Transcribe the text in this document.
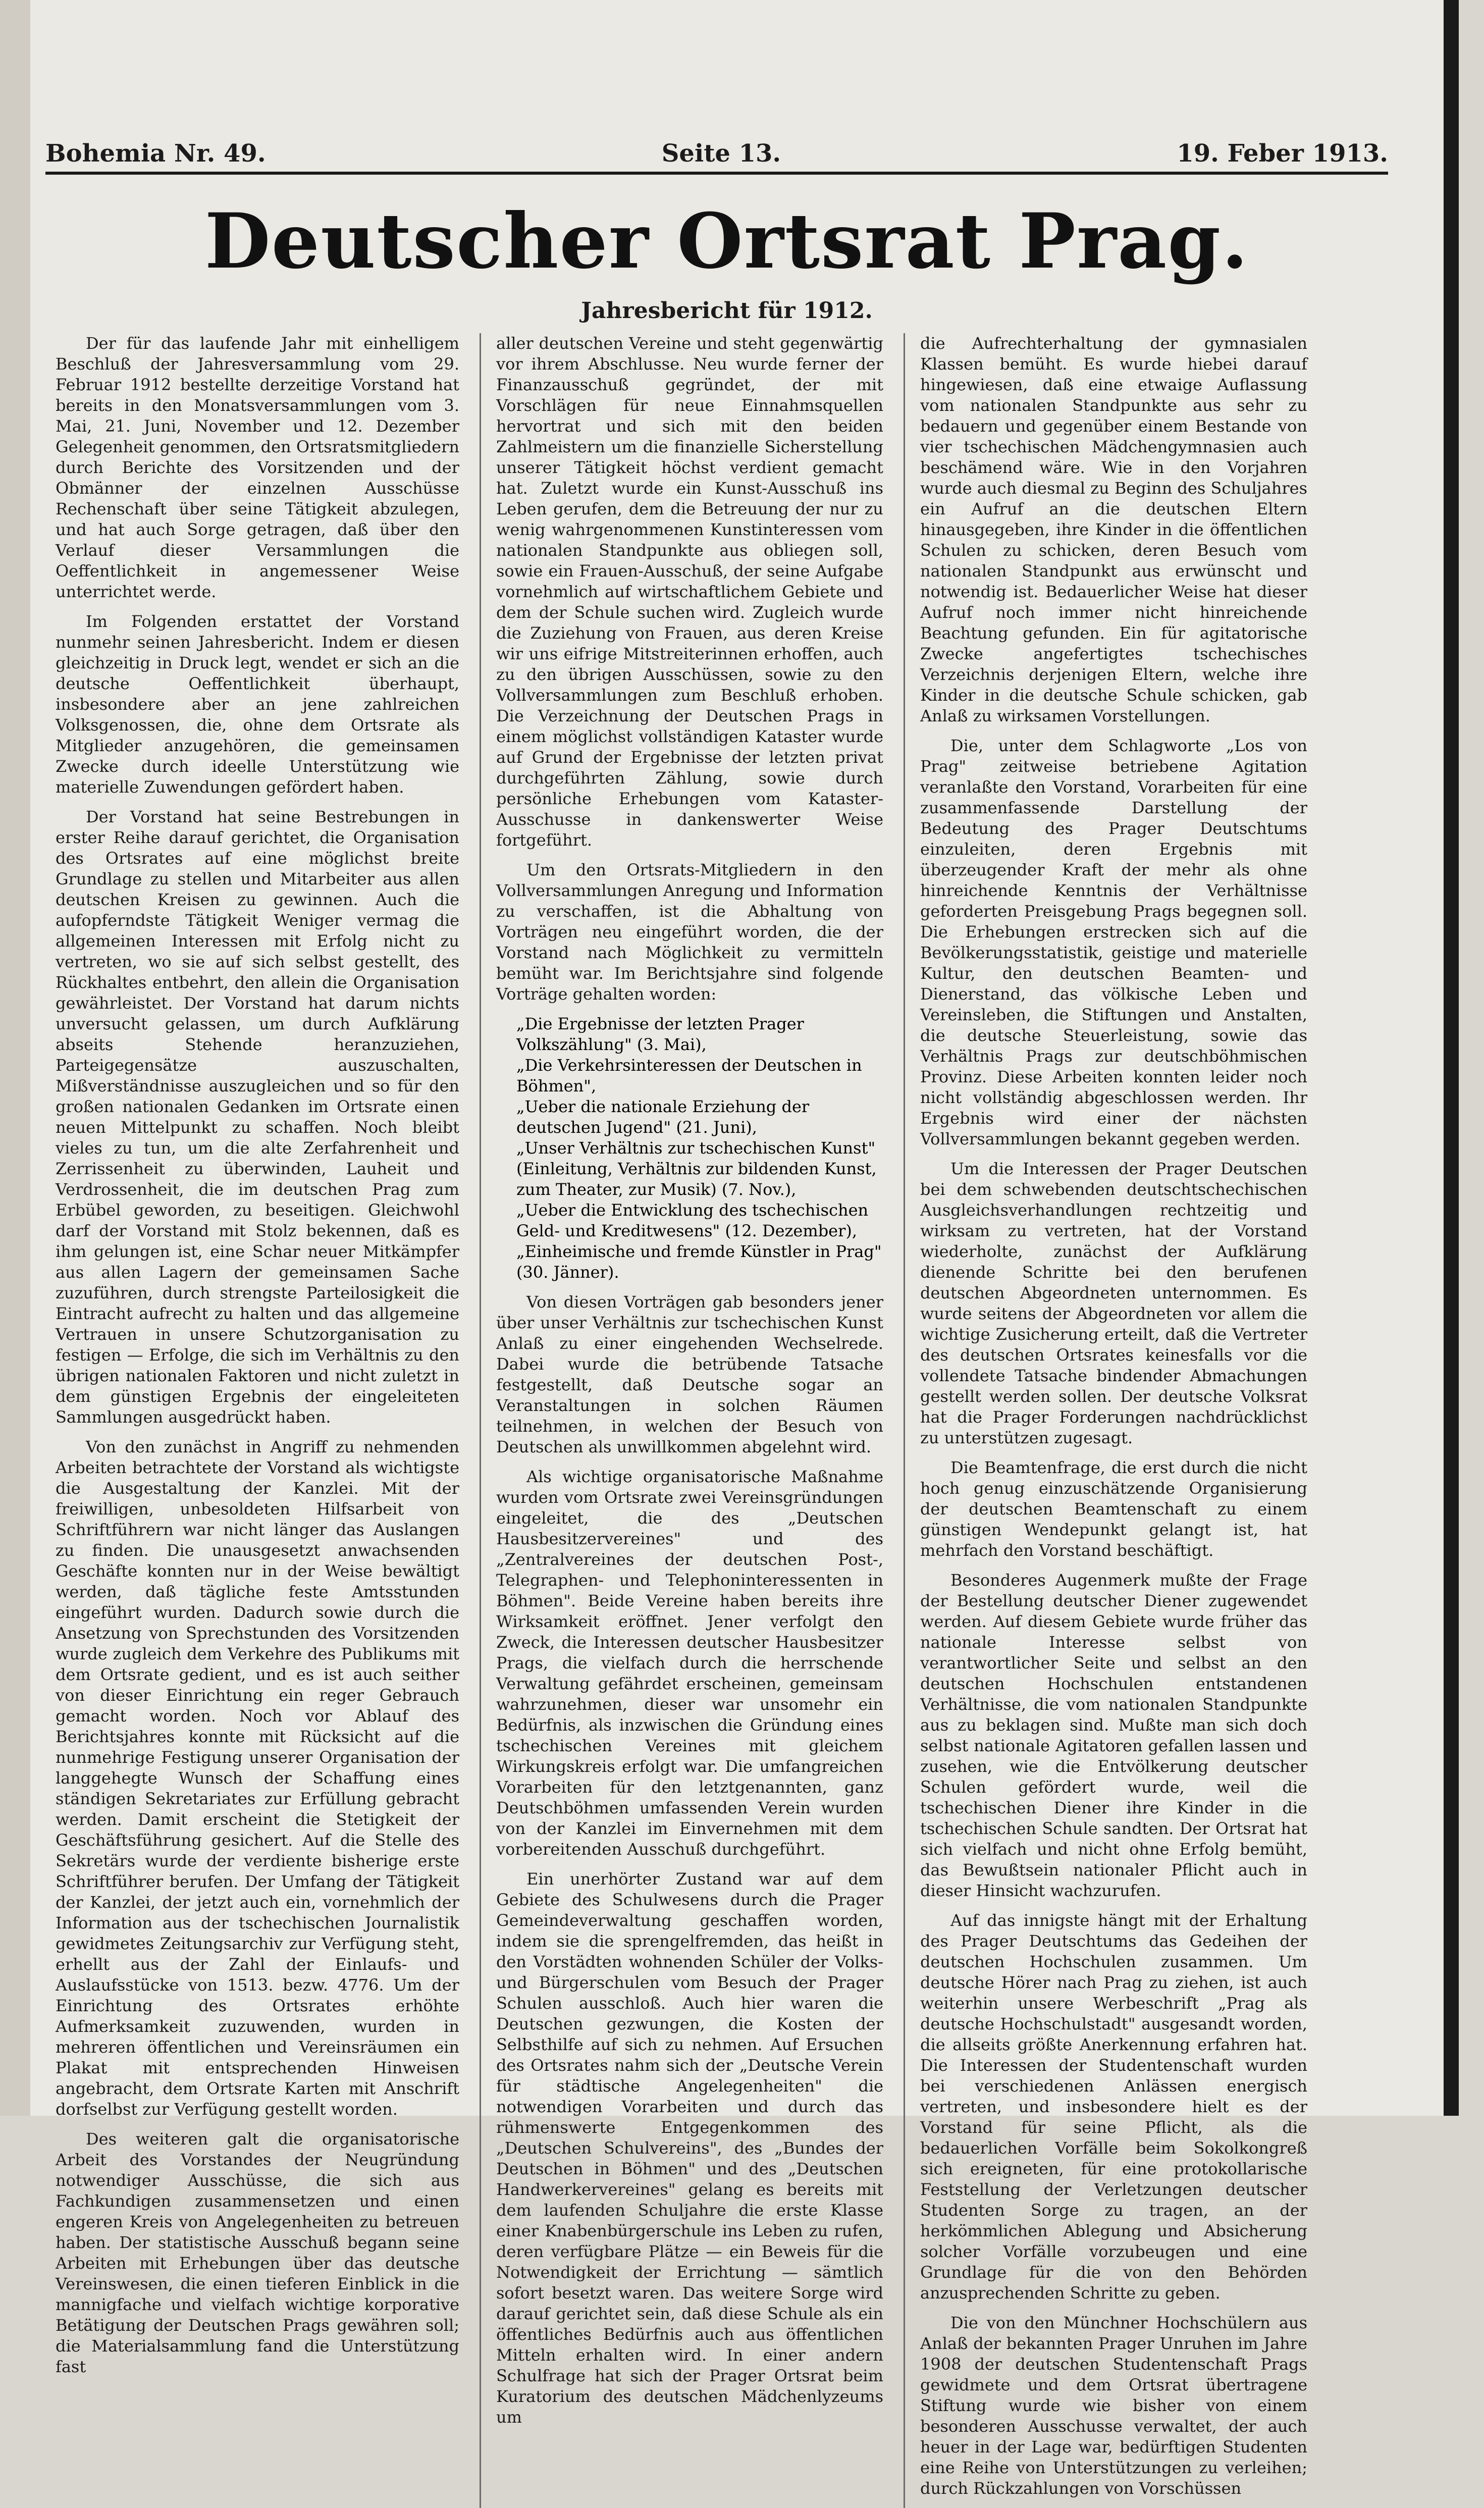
Bohemia Nr. 49.	Seite 13.	19. Feber 1913.
Deutscher Ortsrat Prag.
Jahresbericht für 1912.

Der für das laufende Jahr mit einhelligem Beschluß der Jahresversammlung vom 29. Februar 1912 bestellte derzeitige Vorstand hat bereits in den Monatsversammlungen vom 3. Mai, 21. Juni, November und 12. Dezember Gelegenheit genommen, den Ortsratsmitgliedern durch Berichte des Vorsitzenden und der Obmänner der einzelnen Ausschüsse Rechenschaft über seine Tätigkeit abzulegen, und hat auch Sorge getragen, daß über den Verlauf dieser Versammlungen die Oeffentlichkeit in angemessener Weise unterrichtet werde.

Im Folgenden erstattet der Vorstand nunmehr seinen Jahresbericht. Indem er diesen gleichzeitig in Druck legt, wendet er sich an die deutsche Oeffentlichkeit überhaupt, insbesondere aber an jene zahlreichen Volksgenossen, die, ohne dem Ortsrate als Mitglieder anzugehören, die gemeinsamen Zwecke durch ideelle Unterstützung wie materielle Zuwendungen gefördert haben.

Der Vorstand hat seine Bestrebungen in erster Reihe darauf gerichtet, die Organisation des Ortsrates auf eine möglichst breite Grundlage zu stellen und Mitarbeiter aus allen deutschen Kreisen zu gewinnen. Auch die aufopferndste Tätigkeit Weniger vermag die allgemeinen Interessen mit Erfolg nicht zu vertreten, wo sie auf sich selbst gestellt, des Rückhaltes entbehrt, den allein die Organisation gewährleistet. Der Vorstand hat darum nichts unversucht gelassen, um durch Aufklärung abseits Stehende heranzuziehen, Parteigegensätze auszuschalten, Mißverständnisse auszugleichen und so für den großen nationalen Gedanken im Ortsrate einen neuen Mittelpunkt zu schaffen. Noch bleibt vieles zu tun, um die alte Zerfahrenheit und Zerrissenheit zu überwinden, Lauheit und Verdrossenheit, die im deutschen Prag zum Erbübel geworden, zu beseitigen. Gleichwohl darf der Vorstand mit Stolz bekennen, daß es ihm gelungen ist, eine Schar neuer Mitkämpfer aus allen Lagern der gemeinsamen Sache zuzuführen, durch strengste Parteilosigkeit die Eintracht aufrecht zu halten und das allgemeine Vertrauen in unsere Schutzorganisation zu festigen — Erfolge, die sich im Verhältnis zu den übrigen nationalen Faktoren und nicht zuletzt in dem günstigen Ergebnis der eingeleiteten Sammlungen ausgedrückt haben.

Von den zunächst in Angriff zu nehmenden Arbeiten betrachtete der Vorstand als wichtigste die Ausgestaltung der Kanzlei. Mit der freiwilligen, unbesoldeten Hilfsarbeit von Schriftführern war nicht länger das Auslangen zu finden. Die unausgesetzt anwachsenden Geschäfte konnten nur in der Weise bewältigt werden, daß tägliche feste Amtsstunden eingeführt wurden. Dadurch sowie durch die Ansetzung von Sprechstunden des Vorsitzenden wurde zugleich dem Verkehre des Publikums mit dem Ortsrate gedient, und es ist auch seither von dieser Einrichtung ein reger Gebrauch gemacht worden. Noch vor Ablauf des Berichtsjahres konnte mit Rücksicht auf die nunmehrige Festigung unserer Organisation der langgehegte Wunsch der Schaffung eines ständigen Sekretariates zur Erfüllung gebracht werden. Damit erscheint die Stetigkeit der Geschäftsführung gesichert. Auf die Stelle des Sekretärs wurde der verdiente bisherige erste Schriftführer berufen. Der Umfang der Tätigkeit der Kanzlei, der jetzt auch ein, vornehmlich der Information aus der tschechischen Journalistik gewidmetes Zeitungsarchiv zur Verfügung steht, erhellt aus der Zahl der Einlaufs- und Auslaufsstücke von 1513. bezw. 4776. Um der Einrichtung des Ortsrates erhöhte Aufmerksamkeit zuzuwenden, wurden in mehreren öffentlichen und Vereinsräumen ein Plakat mit entsprechenden Hinweisen angebracht, dem Ortsrate Karten mit Anschrift dorfselbst zur Verfügung gestellt worden.

Des weiteren galt die organisatorische Arbeit des Vorstandes der Neugründung notwendiger Ausschüsse, die sich aus Fachkundigen zusammensetzen und einen engeren Kreis von Angelegenheiten zu betreuen haben. Der statistische Ausschuß begann seine Arbeiten mit Erhebungen über das deutsche Vereinswesen, die einen tieferen Einblick in die mannigfache und vielfach wichtige korporative Betätigung der Deutschen Prags gewähren soll; die Materialsammlung fand die Unterstützung fast

aller deutschen Vereine und steht gegenwärtig vor ihrem Abschlusse. Neu wurde ferner der Finanzausschuß gegründet, der mit Vorschlägen für neue Einnahmsquellen hervortrat und sich mit den beiden Zahlmeistern um die finanzielle Sicherstellung unserer Tätigkeit höchst verdient gemacht hat. Zuletzt wurde ein Kunst-Ausschuß ins Leben gerufen, dem die Betreuung der nur zu wenig wahrgenommenen Kunstinteressen vom nationalen Standpunkte aus obliegen soll, sowie ein Frauen-Ausschuß, der seine Aufgabe vornehmlich auf wirtschaftlichem Gebiete und dem der Schule suchen wird. Zugleich wurde die Zuziehung von Frauen, aus deren Kreise wir uns eifrige Mitstreiterinnen erhoffen, auch zu den übrigen Ausschüssen, sowie zu den Vollversammlungen zum Beschluß erhoben. Die Verzeichnung der Deutschen Prags in einem möglichst vollständigen Kataster wurde auf Grund der Ergebnisse der letzten privat durchgeführten Zählung, sowie durch persönliche Erhebungen vom Kataster-Ausschusse in dankenswerter Weise fortgeführt.

Um den Ortsrats-Mitgliedern in den Vollversammlungen Anregung und Information zu verschaffen, ist die Abhaltung von Vorträgen neu eingeführt worden, die der Vorstand nach Möglichkeit zu vermitteln bemüht war. Im Berichtsjahre sind folgende Vorträge gehalten worden:

„Die Ergebnisse der letzten Prager Volkszählung" (3. Mai),
„Die Verkehrsinteressen der Deutschen in Böhmen",
„Ueber die nationale Erziehung der deutschen Jugend" (21. Juni),
„Unser Verhältnis zur tschechischen Kunst" (Einleitung, Verhältnis zur bildenden Kunst, zum Theater, zur Musik) (7. Nov.),
„Ueber die Entwicklung des tschechischen Geld- und Kreditwesens" (12. Dezember),
„Einheimische und fremde Künstler in Prag" (30. Jänner).

Von diesen Vorträgen gab besonders jener über unser Verhältnis zur tschechischen Kunst Anlaß zu einer eingehenden Wechselrede. Dabei wurde die betrübende Tatsache festgestellt, daß Deutsche sogar an Veranstaltungen in solchen Räumen teilnehmen, in welchen der Besuch von Deutschen als unwillkommen abgelehnt wird.

Als wichtige organisatorische Maßnahme wurden vom Ortsrate zwei Vereinsgründungen eingeleitet, die des „Deutschen Hausbesitzervereines" und des „Zentralvereines der deutschen Post-, Telegraphen- und Telephoninteressenten in Böhmen". Beide Vereine haben bereits ihre Wirksamkeit eröffnet. Jener verfolgt den Zweck, die Interessen deutscher Hausbesitzer Prags, die vielfach durch die herrschende Verwaltung gefährdet erscheinen, gemeinsam wahrzunehmen, dieser war unsomehr ein Bedürfnis, als inzwischen die Gründung eines tschechischen Vereines mit gleichem Wirkungskreis erfolgt war. Die umfangreichen Vorarbeiten für den letztgenannten, ganz Deutschböhmen umfassenden Verein wurden von der Kanzlei im Einvernehmen mit dem vorbereitenden Ausschuß durchgeführt.

Ein unerhörter Zustand war auf dem Gebiete des Schulwesens durch die Prager Gemeindeverwaltung geschaffen worden, indem sie die sprengelfremden, das heißt in den Vorstädten wohnenden Schüler der Volks- und Bürgerschulen vom Besuch der Prager Schulen ausschloß. Auch hier waren die Deutschen gezwungen, die Kosten der Selbsthilfe auf sich zu nehmen. Auf Ersuchen des Ortsrates nahm sich der „Deutsche Verein für städtische Angelegenheiten" die notwendigen Vorarbeiten und durch das rühmenswerte Entgegenkommen des „Deutschen Schulvereins", des „Bundes der Deutschen in Böhmen" und des „Deutschen Handwerkervereines" gelang es bereits mit dem laufenden Schuljahre die erste Klasse einer Knabenbürgerschule ins Leben zu rufen, deren verfügbare Plätze — ein Beweis für die Notwendigkeit der Errichtung — sämtlich sofort besetzt waren. Das weitere Sorge wird darauf gerichtet sein, daß diese Schule als ein öffentliches Bedürfnis auch aus öffentlichen Mitteln erhalten wird. In einer andern Schulfrage hat sich der Prager Ortsrat beim Kuratorium des deutschen Mädchenlyzeums um

die Aufrechterhaltung der gymnasialen Klassen bemüht. Es wurde hiebei darauf hingewiesen, daß eine etwaige Auflassung vom nationalen Standpunkte aus sehr zu bedauern und gegenüber einem Bestande von vier tschechischen Mädchengymnasien auch beschämend wäre. Wie in den Vorjahren wurde auch diesmal zu Beginn des Schuljahres ein Aufruf an die deutschen Eltern hinausgegeben, ihre Kinder in die öffentlichen Schulen zu schicken, deren Besuch vom nationalen Standpunkt aus erwünscht und notwendig ist. Bedauerlicher Weise hat dieser Aufruf noch immer nicht hinreichende Beachtung gefunden. Ein für agitatorische Zwecke angefertigtes tschechisches Verzeichnis derjenigen Eltern, welche ihre Kinder in die deutsche Schule schicken, gab Anlaß zu wirksamen Vorstellungen.

Die, unter dem Schlagworte „Los von Prag" zeitweise betriebene Agitation veranlaßte den Vorstand, Vorarbeiten für eine zusammenfassende Darstellung der Bedeutung des Prager Deutschtums einzuleiten, deren Ergebnis mit überzeugender Kraft der mehr als ohne hinreichende Kenntnis der Verhältnisse geforderten Preisgebung Prags begegnen soll. Die Erhebungen erstrecken sich auf die Bevölkerungsstatistik, geistige und materielle Kultur, den deutschen Beamten- und Dienerstand, das völkische Leben und Vereinsleben, die Stiftungen und Anstalten, die deutsche Steuerleistung, sowie das Verhältnis Prags zur deutschböhmischen Provinz. Diese Arbeiten konnten leider noch nicht vollständig abgeschlossen werden. Ihr Ergebnis wird einer der nächsten Vollversammlungen bekannt gegeben werden.

Um die Interessen der Prager Deutschen bei dem schwebenden deutschtschechischen Ausgleichsverhandlungen rechtzeitig und wirksam zu vertreten, hat der Vorstand wiederholte, zunächst der Aufklärung dienende Schritte bei den berufenen deutschen Abgeordneten unternommen. Es wurde seitens der Abgeordneten vor allem die wichtige Zusicherung erteilt, daß die Vertreter des deutschen Ortsrates keinesfalls vor die vollendete Tatsache bindender Abmachungen gestellt werden sollen. Der deutsche Volksrat hat die Prager Forderungen nachdrücklichst zu unterstützen zugesagt.

Die Beamtenfrage, die erst durch die nicht hoch genug einzuschätzende Organisierung der deutschen Beamtenschaft zu einem günstigen Wendepunkt gelangt ist, hat mehrfach den Vorstand beschäftigt.

Besonderes Augenmerk mußte der Frage der Bestellung deutscher Diener zugewendet werden. Auf diesem Gebiete wurde früher das nationale Interesse selbst von verantwortlicher Seite und selbst an den deutschen Hochschulen entstandenen Verhältnisse, die vom nationalen Standpunkte aus zu beklagen sind. Mußte man sich doch selbst nationale Agitatoren gefallen lassen und zusehen, wie die Entvölkerung deutscher Schulen gefördert wurde, weil die tschechischen Diener ihre Kinder in die tschechischen Schule sandten. Der Ortsrat hat sich vielfach und nicht ohne Erfolg bemüht, das Bewußtsein nationaler Pflicht auch in dieser Hinsicht wachzurufen.

Auf das innigste hängt mit der Erhaltung des Prager Deutschtums das Gedeihen der deutschen Hochschulen zusammen. Um deutsche Hörer nach Prag zu ziehen, ist auch weiterhin unsere Werbeschrift „Prag als deutsche Hochschulstadt" ausgesandt worden, die allseits größte Anerkennung erfahren hat. Die Interessen der Studentenschaft wurden bei verschiedenen Anlässen energisch vertreten, und insbesondere hielt es der Vorstand für seine Pflicht, als die bedauerlichen Vorfälle beim Sokolkongreß sich ereigneten, für eine protokollarische Feststellung der Verletzungen deutscher Studenten Sorge zu tragen, an der herkömmlichen Ablegung und Absicherung solcher Vorfälle vorzubeugen und eine Grundlage für die von den Behörden anzusprechenden Schritte zu geben.

Die von den Münchner Hochschülern aus Anlaß der bekannten Prager Unruhen im Jahre 1908 der deutschen Studentenschaft Prags gewidmete und dem Ortsrat übertragene Stiftung wurde wie bisher von einem besonderen Ausschusse verwaltet, der auch heuer in der Lage war, bedürftigen Studenten eine Reihe von Unterstützungen zu verleihen; durch Rückzahlungen von Vorschüssen
